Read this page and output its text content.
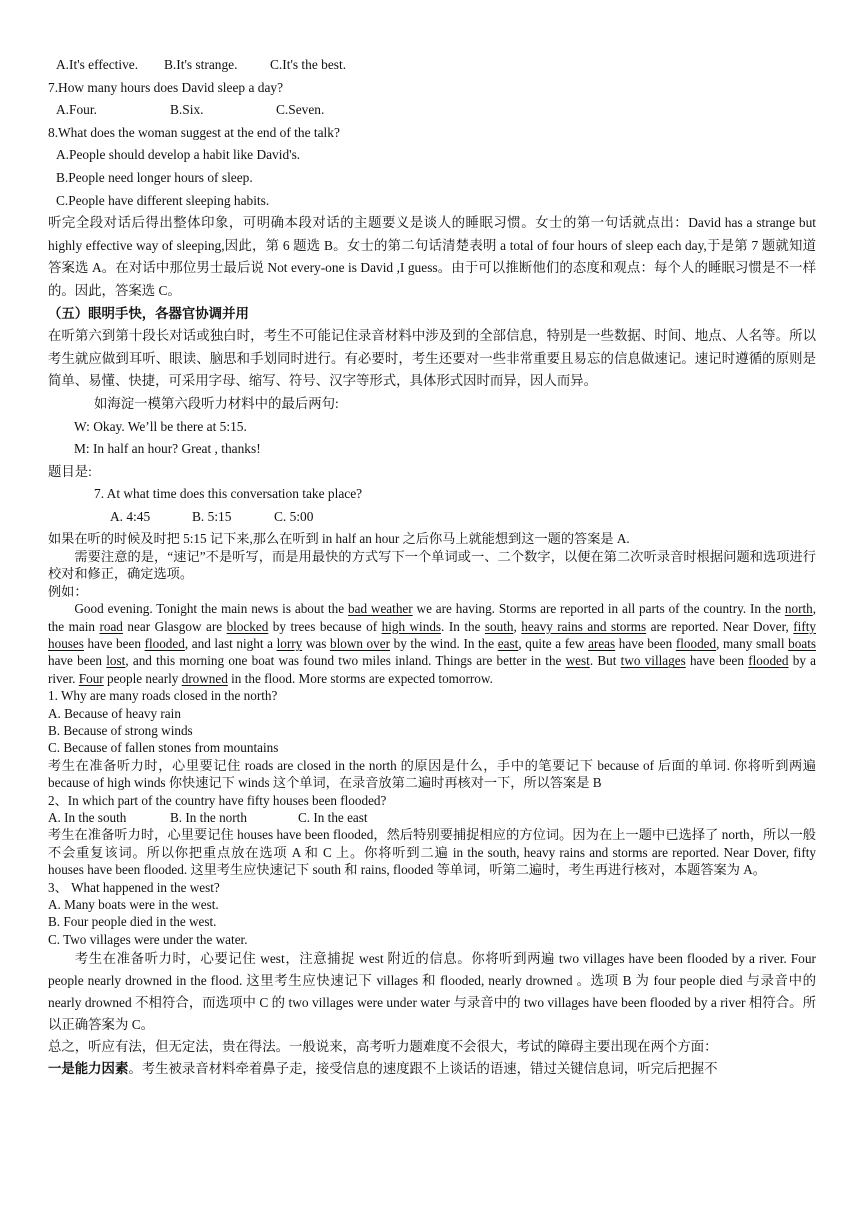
A.It's effective. B.It's strange. C.It's the best.
7.How many hours does David sleep a day?
A.Four.	B.Six.	C.Seven.
8.What does the woman suggest at the end of the talk?
A.People should develop a habit like David's.
B.People need longer hours of sleep.
C.People have different sleeping habits.
听完全段对话后得出整体印象，可明确本段对话的主题要义是谈人的睡眠习惯。女士的第一句话就点出：David has a strange but highly effective way of sleeping,因此，第 6 题选 B。女士的第二句话清楚表明 a total of four hours of sleep each day,于是第 7 题就知道答案选 A。在对话中那位男士最后说 Not every-one is David ,I guess。由于可以推断他们的态度和观点：每个人的睡眠习惯是不一样的。因此，答案选 C。
（五）眼明手快，各器官协调并用
在听第六到第十段长对话或独白时，考生不可能记住录音材料中涉及到的全部信息，特别是一些数据、时间、地点、人名等。所以考生就应做到耳听、眼读、脑思和手划同时进行。有必要时，考生还要对一些非常重要且易忘的信息做速记。速记时遵循的原则是简单、易懂、快捷，可采用字母、缩写、符号、汉字等形式，具体形式因时而异，因人而异。
如海淀一模第六段听力材料中的最后两句:
W: Okay. We’ll be there at 5:15.
M: In half an hour? Great , thanks!
题目是:
7. At what time does this conversation take place?
A. 4:45	B. 5:15	C. 5:00
如果在听的时候及时把 5:15 记下来,那么在听到 in half an hour 之后你马上就能想到这一题的答案是 A.
需要注意的是，“速记”不是听写，而是用最快的方式写下一个单词或一、二个数字，以便在第二次听录音时根据问题和选项进行校对和修正，确定选项。
例如：
Good evening. Tonight the main news is about the bad weather we are having. Storms are reported in all parts of the country. In the north, the main road near Glasgow are blocked by trees because of high winds. In the south, heavy rains and storms are reported. Near Dover, fifty houses have been flooded, and last night a lorry was blown over by the wind. In the east, quite a few areas have been flooded, many small boats have been lost, and this morning one boat was found two miles inland. Things are better in the west. But two villages have been flooded by a river. Four people nearly drowned in the flood. More storms are expected tomorrow.
1. Why are many roads closed in the north?
A. Because of heavy rain
B. Because of strong winds
C. Because of fallen stones from mountains
考生在准备听力时，心里要记住 roads are closed in the north 的原因是什么，手中的笔要记下 because of 后面的单词. 你将听到两遍 because of high winds 你快速记下 winds 这个单词，在录音放第二遍时再核对一下，所以答案是 B
2、In which part of the country have fifty houses been flooded?
A. In the south	B. In the north	C. In the east
考生在准备听力时，心里要记住 houses have been flooded，然后特别要捕捉相应的方位词。因为在上一题中已选择了 north，所以一般不会重复该词。所以你把重点放在选项 A 和 C 上。你将听到二遍 in the south, heavy rains and storms are reported. Near Dover, fifty houses have been flooded. 这里考生应快速记下 south 和 rains, flooded 等单词，听第二遍时，考生再进行核对，本题答案为 A。
3、 What happened in the west?
A. Many boats were in the west.
B. Four people died in the west.
C. Two villages were under the water.
考生在准备听力时，心要记住 west，注意捕捉 west 附近的信息。你将听到两遍 two villages have been flooded by a river. Four people nearly drowned in the flood. 这里考生应快速记下 villages 和 flooded, nearly drowned 。选项 B 为 four people died 与录音中的 nearly drowned 不相符合，而选项中 C 的 two villages were under water 与录音中的 two villages have been flooded by a river 相符合。所以正确答案为 C。
总之，听应有法，但无定法，贵在得法。一般说来，高考听力题难度不会很大，考试的障碍主要出现在两个方面：
一是能力因素。考生被录音材料牵着鼻子走，接受信息的速度跟不上谈话的语速，错过关键信息词，听完后把握不
